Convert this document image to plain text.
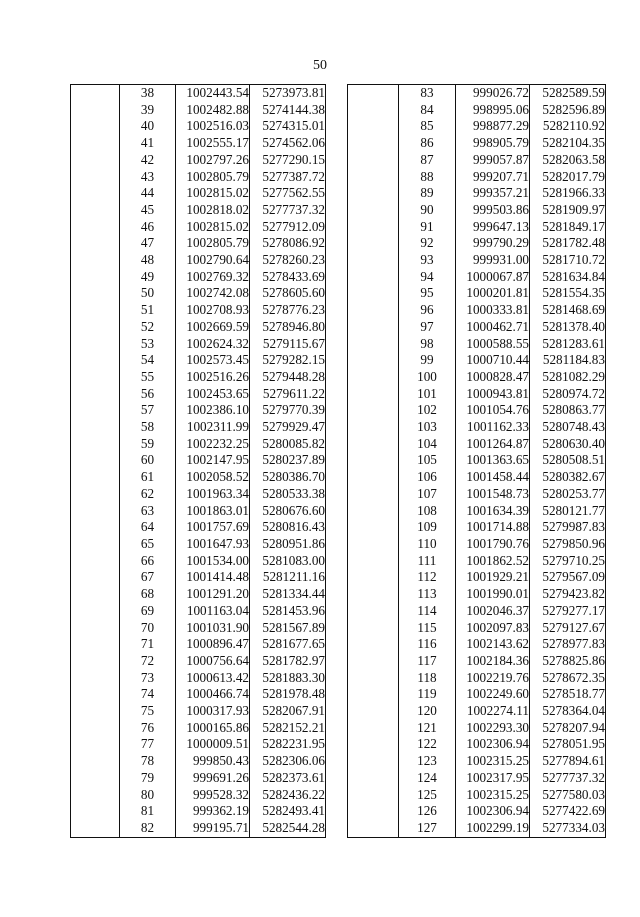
50
	38	1002443.54	5273973.81
	39	1002482.88	5274144.38
	40	1002516.03	5274315.01
	41	1002555.17	5274562.06
	42	1002797.26	5277290.15
	43	1002805.79	5277387.72
	44	1002815.02	5277562.55
	45	1002818.02	5277737.32
	46	1002815.02	5277912.09
	47	1002805.79	5278086.92
	48	1002790.64	5278260.23
	49	1002769.32	5278433.69
	50	1002742.08	5278605.60
	51	1002708.93	5278776.23
	52	1002669.59	5278946.80
	53	1002624.32	5279115.67
	54	1002573.45	5279282.15
	55	1002516.26	5279448.28
	56	1002453.65	5279611.22
	57	1002386.10	5279770.39
	58	1002311.99	5279929.47
	59	1002232.25	5280085.82
	60	1002147.95	5280237.89
	61	1002058.52	5280386.70
	62	1001963.34	5280533.38
	63	1001863.01	5280676.60
	64	1001757.69	5280816.43
	65	1001647.93	5280951.86
	66	1001534.00	5281083.00
	67	1001414.48	5281211.16
	68	1001291.20	5281334.44
	69	1001163.04	5281453.96
	70	1001031.90	5281567.89
	71	1000896.47	5281677.65
	72	1000756.64	5281782.97
	73	1000613.42	5281883.30
	74	1000466.74	5281978.48
	75	1000317.93	5282067.91
	76	1000165.86	5282152.21
	77	1000009.51	5282231.95
	78	999850.43	5282306.06
	79	999691.26	5282373.61
	80	999528.32	5282436.22
	81	999362.19	5282493.41
	82	999195.71	5282544.28
	83	999026.72	5282589.59
	84	998995.06	5282596.89
	85	998877.29	5282110.92
	86	998905.79	5282104.35
	87	999057.87	5282063.58
	88	999207.71	5282017.79
	89	999357.21	5281966.33
	90	999503.86	5281909.97
	91	999647.13	5281849.17
	92	999790.29	5281782.48
	93	999931.00	5281710.72
	94	1000067.87	5281634.84
	95	1000201.81	5281554.35
	96	1000333.81	5281468.69
	97	1000462.71	5281378.40
	98	1000588.55	5281283.61
	99	1000710.44	5281184.83
	100	1000828.47	5281082.29
	101	1000943.81	5280974.72
	102	1001054.76	5280863.77
	103	1001162.33	5280748.43
	104	1001264.87	5280630.40
	105	1001363.65	5280508.51
	106	1001458.44	5280382.67
	107	1001548.73	5280253.77
	108	1001634.39	5280121.77
	109	1001714.88	5279987.83
	110	1001790.76	5279850.96
	111	1001862.52	5279710.25
	112	1001929.21	5279567.09
	113	1001990.01	5279423.82
	114	1002046.37	5279277.17
	115	1002097.83	5279127.67
	116	1002143.62	5278977.83
	117	1002184.36	5278825.86
	118	1002219.76	5278672.35
	119	1002249.60	5278518.77
	120	1002274.11	5278364.04
	121	1002293.30	5278207.94
	122	1002306.94	5278051.95
	123	1002315.25	5277894.61
	124	1002317.95	5277737.32
	125	1002315.25	5277580.03
	126	1002306.94	5277422.69
	127	1002299.19	5277334.03
